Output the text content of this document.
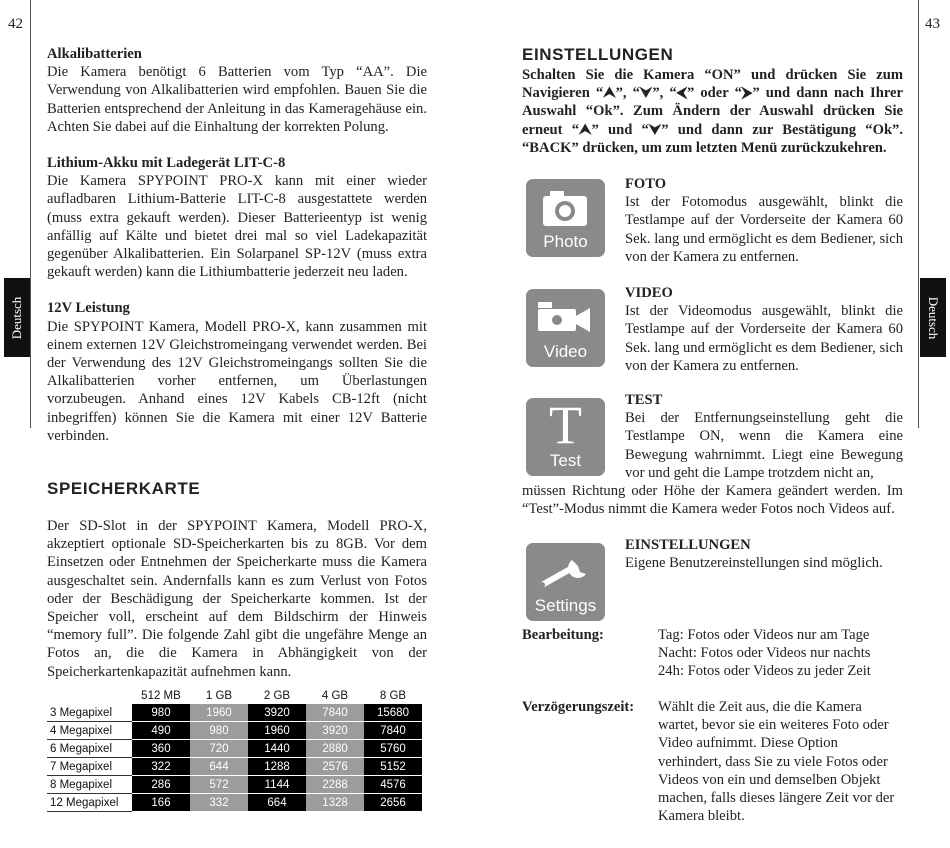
42	43
Deutsch	Deutsch
Alkalibatterien

Die Kamera benötigt 6 Batterien vom Typ “AA”. Die Verwendung von Alkalibatterien wird empfohlen. Bauen Sie die Batterien entsprechend der Anleitung in das Kameragehäuse ein. Achten Sie dabei auf die Einhaltung der korrekten Polung.

Lithium-Akku mit Ladegerät LIT-C-8

Die Kamera SPYPOINT PRO-X kann mit einer wieder aufladbaren Lithium-Batterie LIT-C-8 ausgestattete werden (muss extra gekauft werden). Dieser Batterieentyp ist wenig anfällig auf Kälte und bietet drei mal so viel Ladekapazität gegenüber Alkalibatterien. Ein Solarpanel SP-12V (muss extra gekauft werden) kann die Lithiumbatterie jederzeit neu laden.

12V Leistung

Die SPYPOINT Kamera, Modell PRO-X, kann zusammen mit einem externen 12V Gleichstromeingang verwendet werden. Bei der Verwendung des 12V Gleichstromeingangs sollten Sie die Alkalibatterien vorher entfernen, um Überlastungen vorzubeugen. Anhand eines 12V Kabels CB-12ft (nicht inbegriffen) können Sie die Kamera mit einer 12V Batterie verbinden.

SPEICHERKARTE

Der SD-Slot in der SPYPOINT Kamera, Modell PRO-X, akzeptiert optionale SD-Speicherkarten bis zu 8GB. Vor dem Einsetzen oder Entnehmen der Speicherkarte muss die Kamera ausgeschaltet sein. Andernfalls kann es zum Verlust von Fotos oder der Beschädigung der Speicherkarte kommen. Ist der Speicher voll, erscheint auf dem Bildschirm der Hinweis “memory full”. Die folgende Zahl gibt die ungefähre Menge an Fotos an, die die Kamera in Abhängigkeit von der Speicherkartenkapazität aufnehmen kann.

	512 MB	1 GB	2 GB	4 GB	8 GB
3 Megapixel	980	1960	3920	7840	15680
4 Megapixel	490	980	1960	3920	7840
6 Megapixel	360	720	1440	2880	5760
7 Megapixel	322	644	1288	2576	5152
8 Megapixel	286	572	1144	2288	4576
12 Megapixel	166	332	664	1328	2656
EINSTELLUNGEN
Schalten Sie die Kamera “ON” und drücken Sie zum
Navigieren “⮝”, “⮟”, “⮜” oder “⮞” und dann nach Ihrer
Auswahl “Ok”. Zum Ändern der Auswahl drücken Sie
erneut “⮝” und “⮟” und dann zur Bestätigung “Ok”.
“BACK” drücken, um zum letzten Menü zurückzukehren.
Photo
FOTO
Ist der Fotomodus ausgewählt, blinkt die Testlampe auf der Vorderseite der Kamera 60 Sek. lang und ermöglicht es dem Bediener, sich von der Kamera zu entfernen.
Video
VIDEO
Ist der Videomodus ausgewählt, blinkt die Testlampe auf der Vorderseite der Kamera 60 Sek. lang und ermöglicht es dem Bediener, sich von der Kamera zu entfernen.
T
Test
TEST
Bei der Entfernungseinstellung geht die Testlampe ON, wenn die Kamera eine Bewegung wahrnimmt. Liegt eine Bewegung vor und geht die Lampe trotzdem nicht an,
müssen Richtung oder Höhe der Kamera geändert werden. Im “Test”-Modus nimmt die Kamera weder Fotos noch Videos auf.
Settings
EINSTELLUNGEN
Eigene Benutzereinstellungen sind möglich.
Bearbeitung:	Tag: Fotos oder Videos nur am Tage
Nacht: Fotos oder Videos nur nachts
24h: Fotos oder Videos zu jeder Zeit
Verzögerungszeit: Wählt die Zeit aus, die die Kamera wartet, bevor sie ein weiteres Foto oder Video aufnimmt. Diese Option verhindert, dass Sie zu viele Fotos oder Videos von ein und demselben Objekt machen, falls dieses längere Zeit vor der Kamera bleibt.
